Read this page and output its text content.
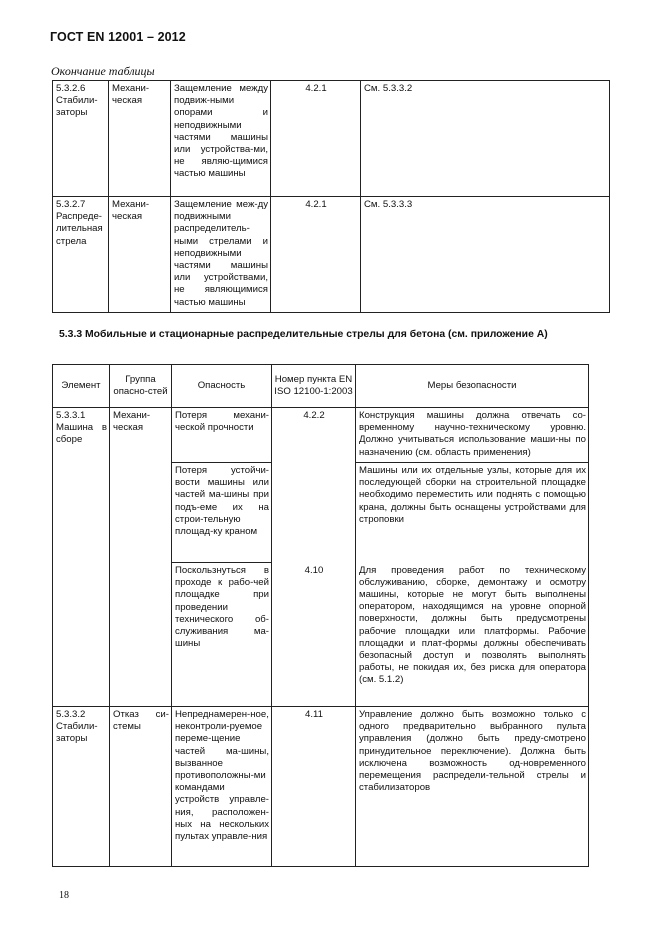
ГОСТ EN 12001 – 2012
Окончание таблицы
5.3.2.6 Стабили-заторы	Механи-ческая	Защемление между подвиж-ными опорами и неподвижными частями машины или устройства-ми, не являю-щимися частью машины	4.2.1	См. 5.3.3.2
5.3.2.7 Распреде-лительная стрела	Механи-ческая	Защемление меж-ду подвижными распределитель-ными стрелами и неподвижными частями машины или устройствами, не являющимися частью машины	4.2.1	См. 5.3.3.3
5.3.3 Мобильные и стационарные распределительные стрелы для бетона (см. приложение А)
Элемент	Группа опасно-стей	Опасность	Номер пункта EN ISO 12100-1:2003	Меры безопасности
5.3.3.1 Машина в сборе	Механи-ческая	Потеря механи-ческой прочности	4.2.2	Конструкция машины должна отвечать со-временному научно-техническому уровню. Должно учитываться использование маши-ны по назначению (см. область применения)
		Потеря устойчи-вости машины или частей ма-шины при подъ-еме их на строи-тельную площад-ку краном		Машины или их отдельные узлы, которые для их последующей сборки на строительной площадке необходимо переместить или поднять с помощью крана, должны быть оснащены устройствами для строповки
		Поскользнуться в проходе к рабо-чей площадке при проведении технического об-служивания ма-шины	4.10	Для проведения работ по техническому обслуживанию, сборке, демонтажу и осмотру машины, которые не могут быть выполнены оператором, находящимся на уровне опорной поверхности, должны быть предусмотрены рабочие площадки или платформы. Рабочие площадки и плат-формы должны обеспечивать безопасный доступ и позволять выполнять работы, не покидая их, без риска для оператора (см. 5.1.2)
5.3.3.2 Стабили-заторы	Отказ си-стемы	Непреднамерен-ное, неконтроли-руемое переме-щение частей ма-шины, вызванное противоположны-ми командами устройств управле-ния, расположен-ных на нескольких пультах управле-ния	4.11	Управление должно быть возможно только с одного предварительно выбранного пульта управления (должно быть преду-смотрено принудительное переключение). Должна быть исключена возможность од-новременного перемещения распредели-тельной стрелы и стабилизаторов
18
